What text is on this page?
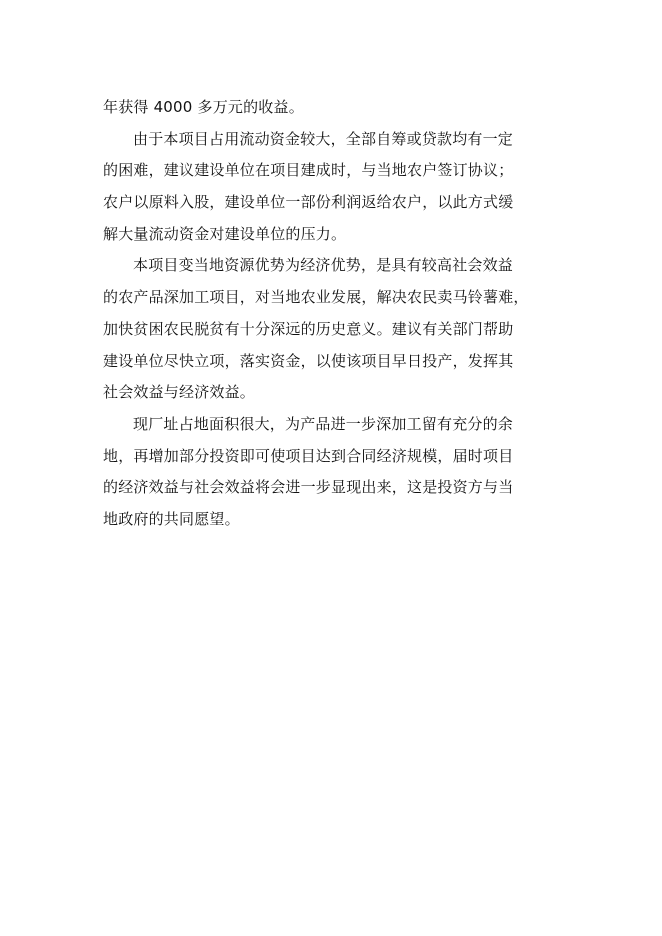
年获得 4000 多万元的收益。
由于本项目占用流动资金较大，全部自筹或贷款均有一定
的困难，建议建设单位在项目建成时，与当地农户签订协议；
农户以原料入股，建设单位一部份利润返给农户，以此方式缓
解大量流动资金对建设单位的压力。
本项目变当地资源优势为经济优势，是具有较高社会效益
的农产品深加工项目，对当地农业发展，解决农民卖马铃薯难，
加快贫困农民脱贫有十分深远的历史意义。建议有关部门帮助
建设单位尽快立项，落实资金，以使该项目早日投产，发挥其
社会效益与经济效益。
现厂址占地面积很大，为产品进一步深加工留有充分的余
地，再增加部分投资即可使项目达到合同经济规模，届时项目
的经济效益与社会效益将会进一步显现出来，这是投资方与当
地政府的共同愿望。
